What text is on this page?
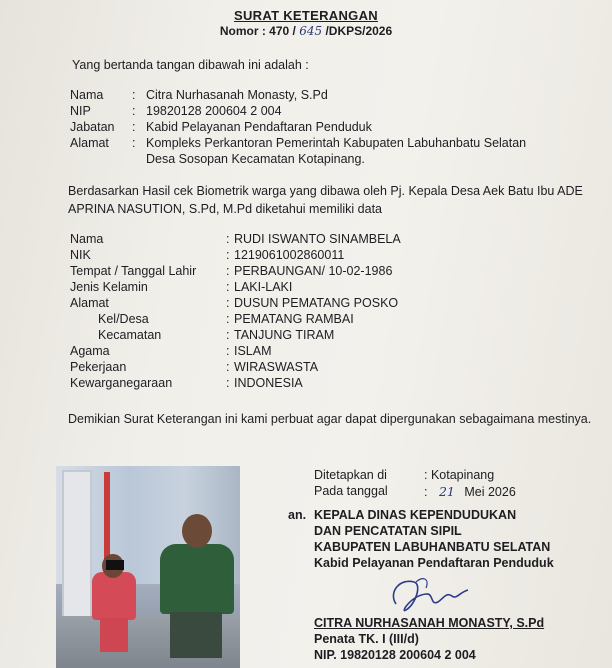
SURAT KETERANGAN
Nomor : 470 / 645 /DKPS/2026
Yang bertanda tangan dibawah ini adalah :
Nama : Citra Nurhasanah Monasty, S.Pd
NIP	: 19820128 200604 2 004
Jabatan : Kabid Pelayanan Pendaftaran Penduduk
Alamat : Kompleks Perkantoran Pemerintah Kabupaten Labuhanbatu Selatan
Desa Sosopan Kecamatan Kotapinang.
Berdasarkan Hasil cek Biometrik warga yang dibawa oleh Pj. Kepala Desa Aek Batu Ibu ADE
APRINA NASUTION, S.Pd, M.Pd diketahui memiliki data
Nama	: RUDI ISWANTO SINAMBELA
NIK	: 1219061002860011
Tempat / Tanggal Lahir : PERBAUNGAN/ 10-02-1986
Jenis Kelamin	: LAKI-LAKI
Alamat	: DUSUN PEMATANG POSKO
Kel/Desa	: PEMATANG RAMBAI
Kecamatan	: TANJUNG TIRAM
Agama	: ISLAM
Pekerjaan	: WIRASWASTA
Kewarganegaraan	: INDONESIA
Demikian Surat Keterangan ini kami perbuat agar dapat dipergunakan sebagaimana mestinya.
Ditetapkan di	: Kotapinang
Pada tanggal	: 21 Mei 2026
an. KEPALA DINAS KEPENDUDUKAN
DAN PENCATATAN SIPIL
KABUPATEN LABUHANBATU SELATAN
Kabid Pelayanan Pendaftaran Penduduk
CITRA NURHASANAH MONASTY, S.Pd
Penata TK. I (III/d)
NIP. 19820128 200604 2 004
